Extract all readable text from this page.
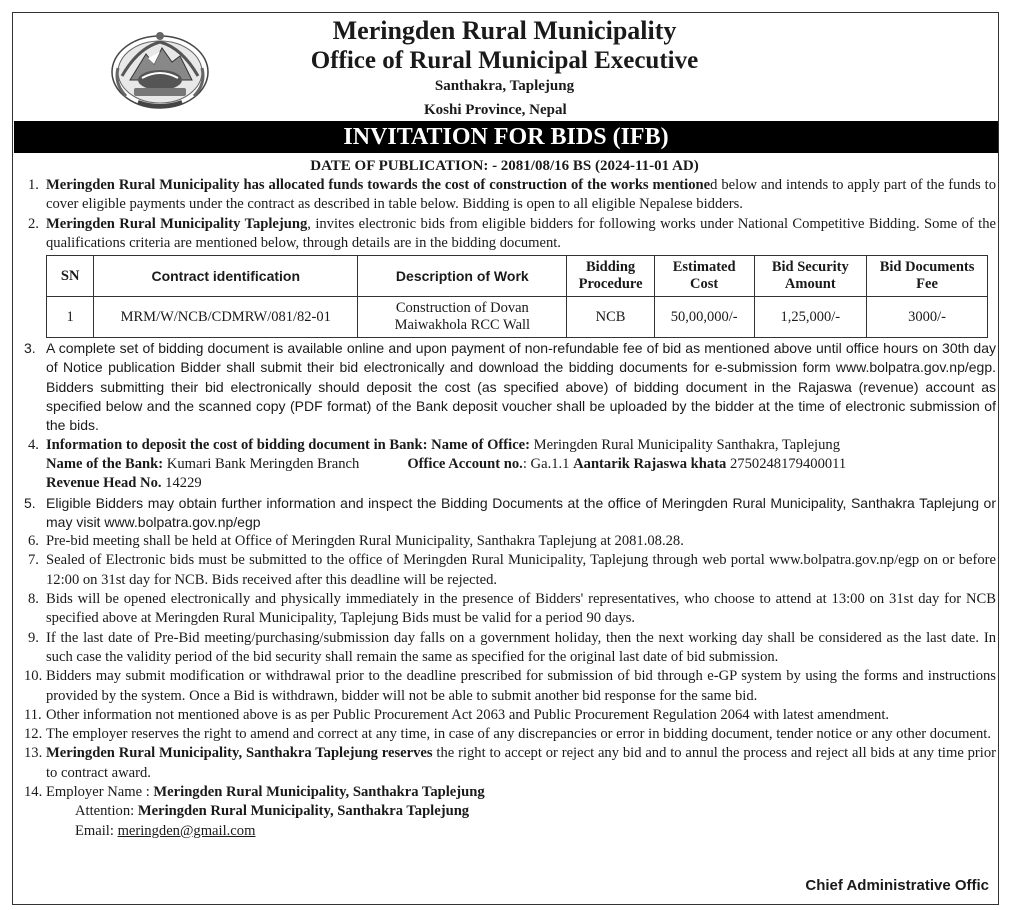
Meringden Rural Municipality
Office of Rural Municipal Executive
Santhakra, Taplejung
Koshi Province, Nepal
INVITATION FOR BIDS (IFB)
DATE OF PUBLICATION: - 2081/08/16 BS (2024-11-01 AD)

1. Meringden Rural Municipality has allocated funds towards the cost of construction of the works mentioned below and intends to apply part of the funds to cover eligible payments under the contract as described in table below. Bidding is open to all eligible Nepalese bidders.

2. Meringden Rural Municipality Taplejung, invites electronic bids from eligible bidders for following works under National Competitive Bidding. Some of the qualifications criteria are mentioned below, through details are in the bidding document.

SN	Contract identification	Description of Work	Bidding Procedure	Estimated Cost	Bid Security Amount	Bid Documents Fee
1	MRM/W/NCB/CDMRW/081/82-01	Construction of Dovan Maiwakhola RCC Wall	NCB	50,00,000/-	1,25,000/-	3000/-

3. A complete set of bidding document is available online and upon payment of non-refundable fee of bid as mentioned above until office hours on 30th day of Notice publication Bidder shall submit their bid electronically and download the bidding documents for e-submission form www.bolpatra.gov.np/egp. Bidders submitting their bid electronically should deposit the cost (as specified above) of bidding document in the Rajaswa (revenue) account as specified below and the scanned copy (PDF format) of the Bank deposit voucher shall be uploaded by the bidder at the time of electronic submission of the bids.

4. Information to deposit the cost of bidding document in Bank: Name of Office: Meringden Rural Municipality Santhakra, Taplejung
Name of the Bank: Kumari Bank Meringden Branch	Office Account no.: Ga.1.1 Aantarik Rajaswa khata 2750248179400011
Revenue Head No. 14229

5. Eligible Bidders may obtain further information and inspect the Bidding Documents at the office of Meringden Rural Municipality, Santhakra Taplejung or may visit www.bolpatra.gov.np/egp

6. Pre-bid meeting shall be held at Office of Meringden Rural Municipality, Santhakra Taplejung at 2081.08.28.

7. Sealed of Electronic bids must be submitted to the office of Meringden Rural Municipality, Taplejung through web portal www.bolpatra.gov.np/egp on or before 12:00 on 31st day for NCB. Bids received after this deadline will be rejected.

8. Bids will be opened electronically and physically immediately in the presence of Bidders' representatives, who choose to attend at 13:00 on 31st day for NCB specified above at Meringden Rural Municipality, Taplejung Bids must be valid for a period 90 days.

9. If the last date of Pre-Bid meeting/purchasing/submission day falls on a government holiday, then the next working day shall be considered as the last date. In such case the validity period of the bid security shall remain the same as specified for the original last date of bid submission.

10. Bidders may submit modification or withdrawal prior to the deadline prescribed for submission of bid through e-GP system by using the forms and instructions provided by the system. Once a Bid is withdrawn, bidder will not be able to submit another bid response for the same bid.

11. Other information not mentioned above is as per Public Procurement Act 2063 and Public Procurement Regulation 2064 with latest amendment.

12. The employer reserves the right to amend and correct at any time, in case of any discrepancies or error in bidding document, tender notice or any other document.

13. Meringden Rural Municipality, Santhakra Taplejung reserves the right to accept or reject any bid and to annul the process and reject all bids at any time prior to contract award.

14. Employer Name : Meringden Rural Municipality, Santhakra Taplejung

Attention: Meringden Rural Municipality, Santhakra Taplejung

Email: meringden@gmail.com

Chief Administrative Offic
